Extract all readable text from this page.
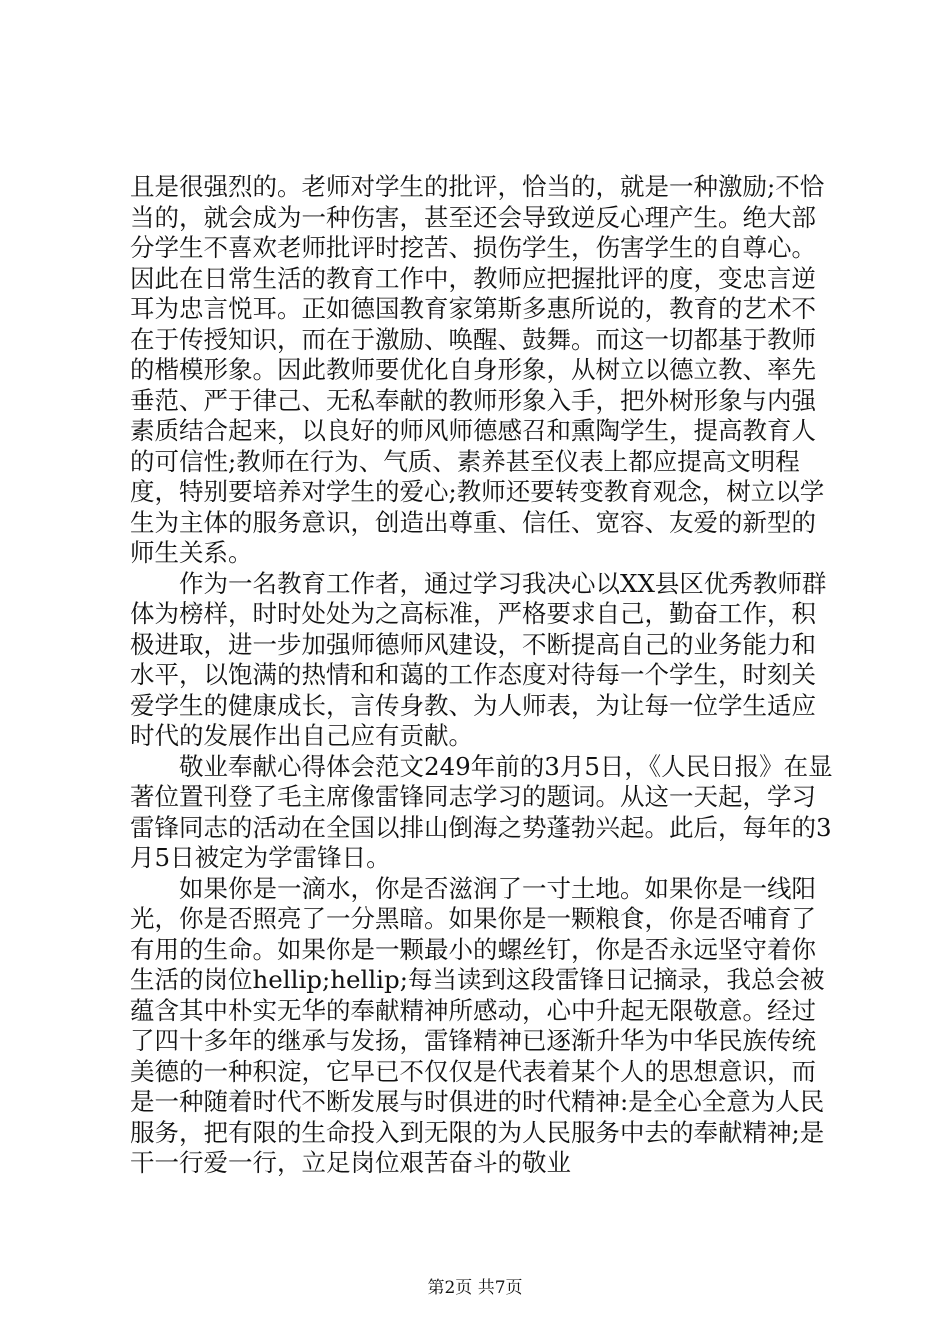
且是很强烈的。老师对学生的批评，恰当的，就是一种激励;不恰当的，就会成为一种伤害，甚至还会导致逆反心理产生。绝大部分学生不喜欢老师批评时挖苦、损伤学生，伤害学生的自尊心。因此在日常生活的教育工作中，教师应把握批评的度，变忠言逆耳为忠言悦耳。正如德国教育家第斯多惠所说的，教育的艺术不在于传授知识，而在于激励、唤醒、鼓舞。而这一切都基于教师的楷模形象。因此教师要优化自身形象，从树立以德立教、率先垂范、严于律己、无私奉献的教师形象入手，把外树形象与内强素质结合起来，以良好的师风师德感召和熏陶学生，提高教育人的可信性;教师在行为、气质、素养甚至仪表上都应提高文明程度，特别要培养对学生的爱心;教师还要转变教育观念，树立以学生为主体的服务意识，创造出尊重、信任、宽容、友爱的新型的师生关系。

　　作为一名教育工作者，通过学习我决心以XX县区优秀教师群体为榜样，时时处处为之高标准，严格要求自己，勤奋工作，积极进取，进一步加强师德师风建设，不断提高自己的业务能力和水平，以饱满的热情和和蔼的工作态度对待每一个学生，时刻关爱学生的健康成长，言传身教、为人师表，为让每一位学生适应时代的发展作出自己应有贡献。

　　敬业奉献心得体会范文249年前的3月5日，《人民日报》在显著位置刊登了毛主席像雷锋同志学习的题词。从这一天起，学习雷锋同志的活动在全国以排山倒海之势蓬勃兴起。此后，每年的3月5日被定为学雷锋日。

　　如果你是一滴水，你是否滋润了一寸土地。如果你是一线阳光，你是否照亮了一分黑暗。如果你是一颗粮食，你是否哺育了有用的生命。如果你是一颗最小的螺丝钉，你是否永远坚守着你生活的岗位hellip;hellip;每当读到这段雷锋日记摘录，我总会被蕴含其中朴实无华的奉献精神所感动，心中升起无限敬意。经过了四十多年的继承与发扬，雷锋精神已逐渐升华为中华民族传统美德的一种积淀，它早已不仅仅是代表着某个人的思想意识，而是一种随着时代不断发展与时俱进的时代精神:是全心全意为人民服务，把有限的生命投入到无限的为人民服务中去的奉献精神;是干一行爱一行，立足岗位艰苦奋斗的敬业

第2页 共7页
